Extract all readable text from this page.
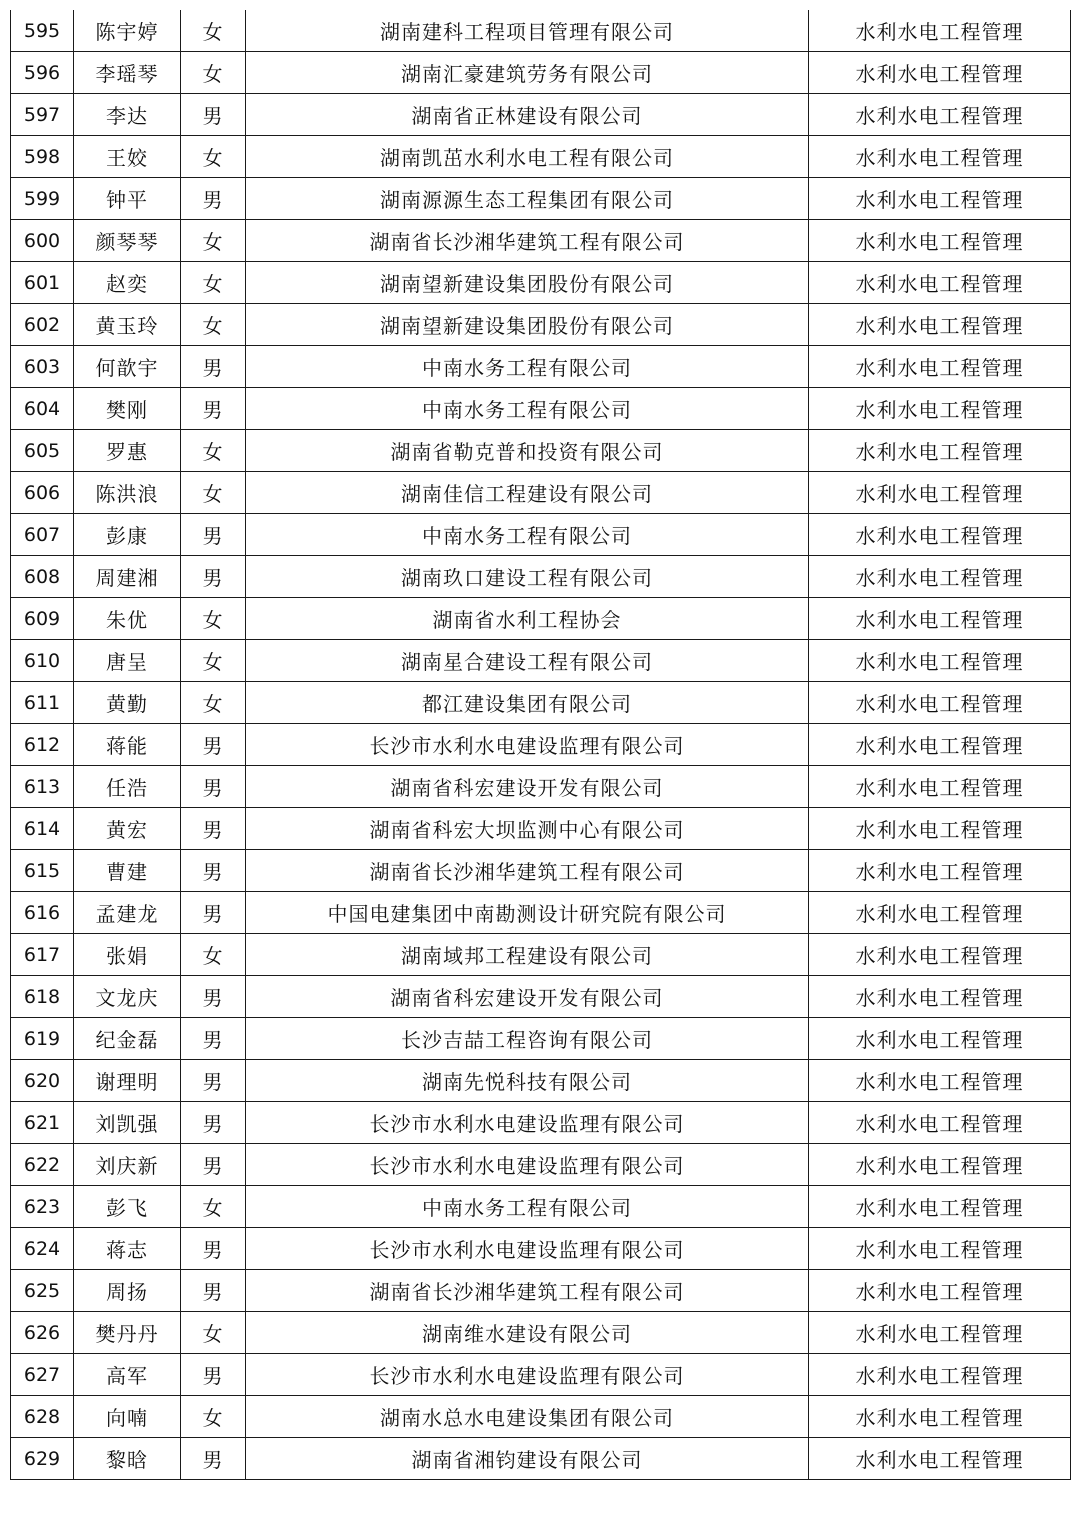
595	陈宇婷	女	湖南建科工程项目管理有限公司	水利水电工程管理
596	李瑶琴	女	湖南汇豪建筑劳务有限公司	水利水电工程管理
597	李达	男	湖南省正林建设有限公司	水利水电工程管理
598	王姣	女	湖南凯茁水利水电工程有限公司	水利水电工程管理
599	钟平	男	湖南源源生态工程集团有限公司	水利水电工程管理
600	颜琴琴	女	湖南省长沙湘华建筑工程有限公司	水利水电工程管理
601	赵奕	女	湖南望新建设集团股份有限公司	水利水电工程管理
602	黄玉玲	女	湖南望新建设集团股份有限公司	水利水电工程管理
603	何歆宇	男	中南水务工程有限公司	水利水电工程管理
604	樊刚	男	中南水务工程有限公司	水利水电工程管理
605	罗惠	女	湖南省勒克普和投资有限公司	水利水电工程管理
606	陈洪浪	女	湖南佳信工程建设有限公司	水利水电工程管理
607	彭康	男	中南水务工程有限公司	水利水电工程管理
608	周建湘	男	湖南玖口建设工程有限公司	水利水电工程管理
609	朱优	女	湖南省水利工程协会	水利水电工程管理
610	唐呈	女	湖南星合建设工程有限公司	水利水电工程管理
611	黄勤	女	都江建设集团有限公司	水利水电工程管理
612	蒋能	男	长沙市水利水电建设监理有限公司	水利水电工程管理
613	任浩	男	湖南省科宏建设开发有限公司	水利水电工程管理
614	黄宏	男	湖南省科宏大坝监测中心有限公司	水利水电工程管理
615	曹建	男	湖南省长沙湘华建筑工程有限公司	水利水电工程管理
616	孟建龙	男	中国电建集团中南勘测设计研究院有限公司	水利水电工程管理
617	张娟	女	湖南域邦工程建设有限公司	水利水电工程管理
618	文龙庆	男	湖南省科宏建设开发有限公司	水利水电工程管理
619	纪金磊	男	长沙吉喆工程咨询有限公司	水利水电工程管理
620	谢理明	男	湖南先悦科技有限公司	水利水电工程管理
621	刘凯强	男	长沙市水利水电建设监理有限公司	水利水电工程管理
622	刘庆新	男	长沙市水利水电建设监理有限公司	水利水电工程管理
623	彭飞	女	中南水务工程有限公司	水利水电工程管理
624	蒋志	男	长沙市水利水电建设监理有限公司	水利水电工程管理
625	周扬	男	湖南省长沙湘华建筑工程有限公司	水利水电工程管理
626	樊丹丹	女	湖南维水建设有限公司	水利水电工程管理
627	高军	男	长沙市水利水电建设监理有限公司	水利水电工程管理
628	向喃	女	湖南水总水电建设集团有限公司	水利水电工程管理
629	黎晗	男	湖南省湘钧建设有限公司	水利水电工程管理
